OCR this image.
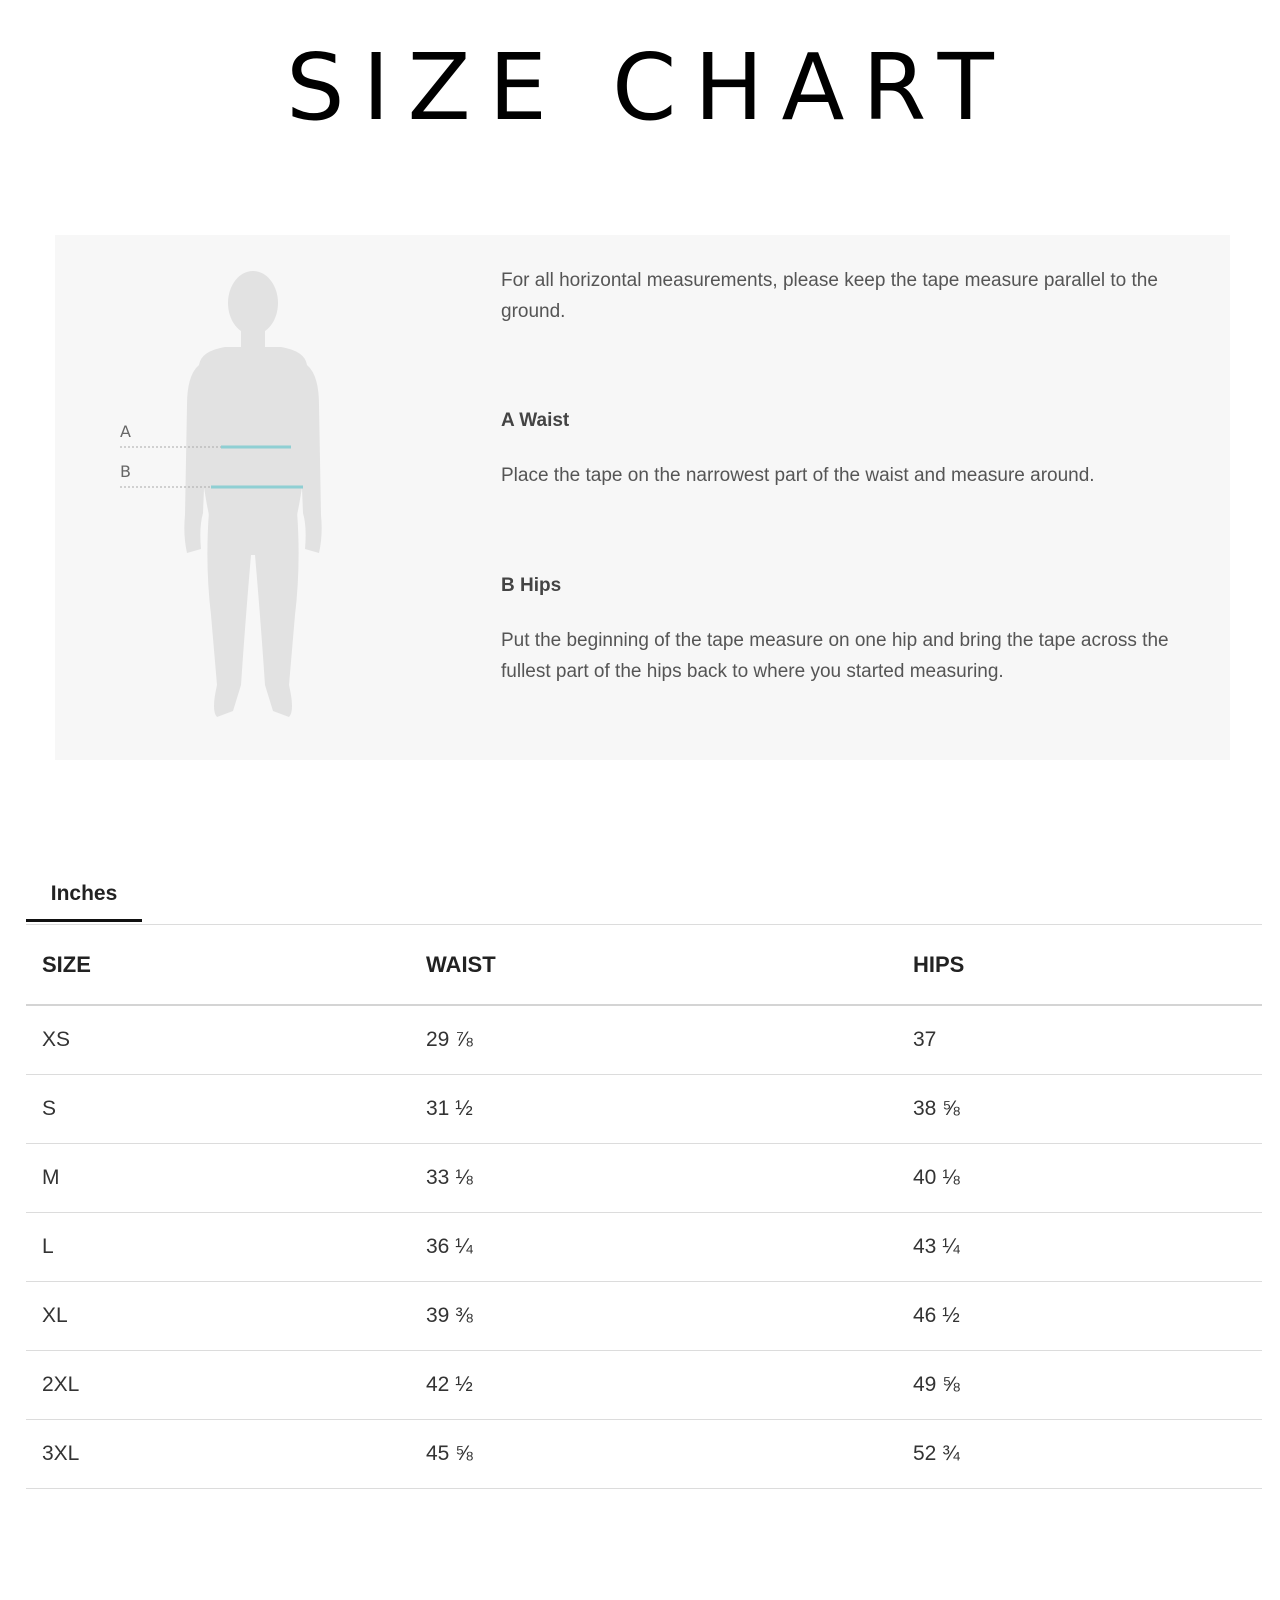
SIZE CHART
A
B

For all horizontal measurements, please keep the tape measure parallel to the ground.

A Waist

Place the tape on the narrowest part of the waist and measure around.

B Hips

Put the beginning of the tape measure on one hip and bring the tape across the fullest part of the hips back to where you started measuring.

Inches
SIZE	WAIST	HIPS
XS	29 ⅞	37
S	31 ½	38 ⅝
M	33 ⅛	40 ⅛
L	36 ¼	43 ¼
XL	39 ⅜	46 ½
2XL	42 ½	49 ⅝
3XL	45 ⅝	52 ¾
